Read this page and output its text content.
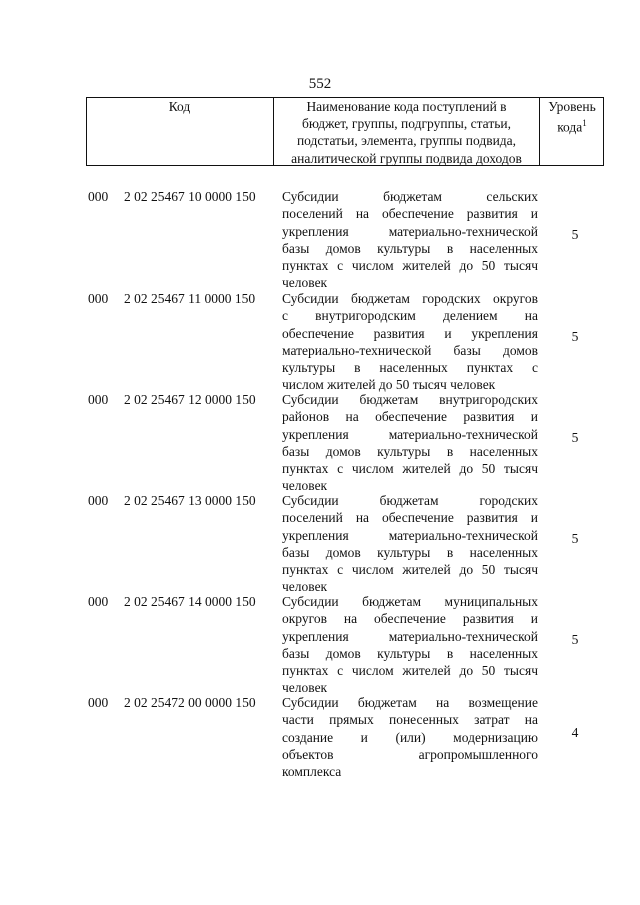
552
Код	Наименование кода поступлений в
бюджет, группы, подгруппы, статьи,
подстатьи, элемента, группы подвида,
аналитической группы подвида доходов
Уровень
кода$^1$
000	2 02 25467 10 0000 150	Субсидии бюджетам сельских
поселений на обеспечение развития и
укрепления материально-технической
базы домов культуры в населенных
пунктах с числом жителей до 50 тысяч
человек
5
000	2 02 25467 11 0000 150	Субсидии бюджетам городских округов
с внутригородским делением на
обеспечение развития и укрепления
материально-технической базы домов
культуры в населенных пунктах с
числом жителей до 50 тысяч человек
5
000	2 02 25467 12 0000 150	Субсидии бюджетам внутригородских
районов на обеспечение развития и
укрепления материально-технической
базы домов культуры в населенных
пунктах с числом жителей до 50 тысяч
человек
5
000	2 02 25467 13 0000 150	Субсидии бюджетам городских
поселений на обеспечение развития и
укрепления материально-технической
базы домов культуры в населенных
пунктах с числом жителей до 50 тысяч
человек
5
000	2 02 25467 14 0000 150	Субсидии бюджетам муниципальных
округов на обеспечение развития и
укрепления материально-технической
базы домов культуры в населенных
пунктах с числом жителей до 50 тысяч
человек
5
000	2 02 25472 00 0000 150	Субсидии бюджетам на возмещение
части прямых понесенных затрат на
создание и (или) модернизацию
объектов агропромышленного
комплекса
4
